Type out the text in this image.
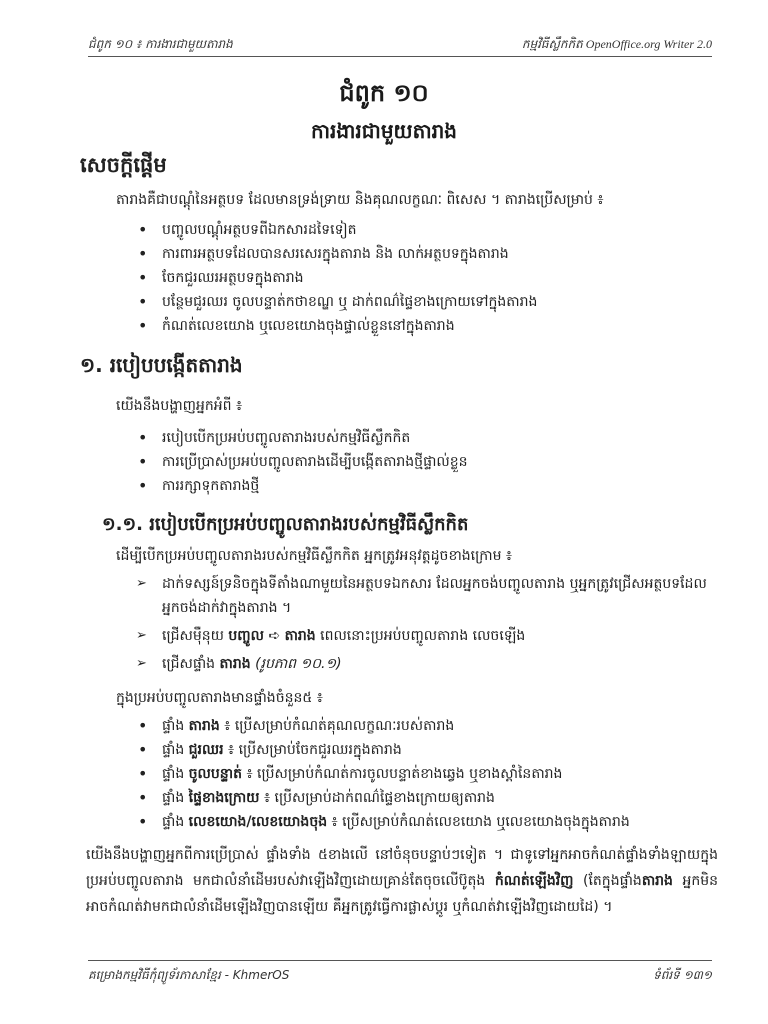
ជំពូក ១០ ៖ ការងារជាមួយតារាង	កម្មវិធីស្លឹកកិត OpenOffice.org Writer 2.0
ជំពូក ១០
ការងារជាមួយតារាង
សេចក្តីផ្តើម
តារាងគឺជាបណ្តុំនៃអត្ថបទ ដែលមានទ្រង់ទ្រាយ និងគុណលក្ខណៈ ពិសេស ។ តារាងប្រើសម្រាប់ ៖
• បញ្ចូលបណ្តុំអត្ថបទពីឯកសារដទៃទៀត
• ការពារអត្ថបទដែលបានសរសេរក្នុងតារាង និង លាក់អត្ថបទក្នុងតារាង
• ចែកជួរឈរអត្ថបទក្នុងតារាង
• បន្ថែមជួរឈរ ចូលបន្ទាត់កថាខណ្ឌ ឬ ដាក់ពណ៌ផ្ទៃខាងក្រោយទៅក្នុងតារាង
• កំណត់លេខយោង ឬលេខយោងចុងផ្ទាល់ខ្លួននៅក្នុងតារាង
១. របៀបបង្កើតតារាង
យើងនឹងបង្ហាញអ្នកអំពី ៖
• របៀបបើកប្រអប់បញ្ចូលតារាងរបស់កម្មវិធីស្លឹកកិត
• ការប្រើប្រាស់ប្រអប់បញ្ចូលតារាងដើម្បីបង្កើតតារាងថ្មីផ្ទាល់ខ្លួន
• ការរក្សាទុកតារាងថ្មី
១.១. របៀបបើកប្រអប់បញ្ចូលតារាងរបស់កម្មវិធីស្លឹកកិត
ដើម្បីបើកប្រអប់បញ្ចូលតារាងរបស់កម្មវិធីស្លឹកកិត អ្នកត្រូវអនុវត្តដូចខាងក្រោម ៖
➢ ដាក់ទស្សន៍ទ្រនិចក្នុងទីតាំងណាមួយនៃអត្ថបទឯកសារ ដែលអ្នកចង់បញ្ចូលតារាង ឬអ្នកត្រូវជ្រើសអត្ថបទដែលអ្នកចង់ដាក់វាក្នុងតារាង ។
➢ ជ្រើសម៉ឺនុយ បញ្ចូល ➪ តារាង ពេលនោះប្រអប់បញ្ចូលតារាង លេចឡើង
➢ ជ្រើសផ្ទាំង តារាង (រូបភាព ១០.១)
ក្នុងប្រអប់បញ្ចូលតារាងមានផ្ទាំងចំនួន៥ ៖
• ផ្ទាំង តារាង ៖ ប្រើសម្រាប់កំណត់គុណលក្ខណៈរបស់តារាង
• ផ្ទាំង ជួរឈរ ៖ ប្រើសម្រាប់ចែកជួរឈរក្នុងតារាង
• ផ្ទាំង ចូលបន្ទាត់ ៖ ប្រើសម្រាប់កំណត់ការចូលបន្ទាត់ខាងឆ្វេង ឬខាងស្តាំនៃតារាង
• ផ្ទាំង ផ្ទៃខាងក្រោយ ៖ ប្រើសម្រាប់ដាក់ពណ៌ផ្ទៃខាងក្រោយឲ្យតារាង
• ផ្ទាំង លេខយោង/លេខយោងចុង ៖ ប្រើសម្រាប់កំណត់លេខយោង ឬលេខយោងចុងក្នុងតារាង
យើងនឹងបង្ហាញអ្នកពីការប្រើប្រាស់ ផ្ទាំងទាំង ៥ខាងលើ នៅចំនុចបន្ទាប់ៗទៀត ។ ជាទូទៅអ្នកអាចកំណត់ផ្ទាំងទាំងឡាយក្នុងប្រអប់បញ្ចូលតារាង មកជាលំនាំដើមរបស់វាឡើងវិញដោយគ្រាន់តែចុចលើប៊ូតុង កំណត់ឡើងវិញ (តែក្នុងផ្ទាំងតារាង អ្នកមិនអាចកំណត់វាមកជាលំនាំដើមឡើងវិញបានឡើយ គឺអ្នកត្រូវធ្វើការផ្លាស់ប្តូរ ឬកំណត់វាឡើងវិញដោយដៃ) ។
គម្រោងកម្មវិធីកុំព្យូទ័រភាសាខ្មែរ - KhmerOS	ទំព័រទី ១៣១
